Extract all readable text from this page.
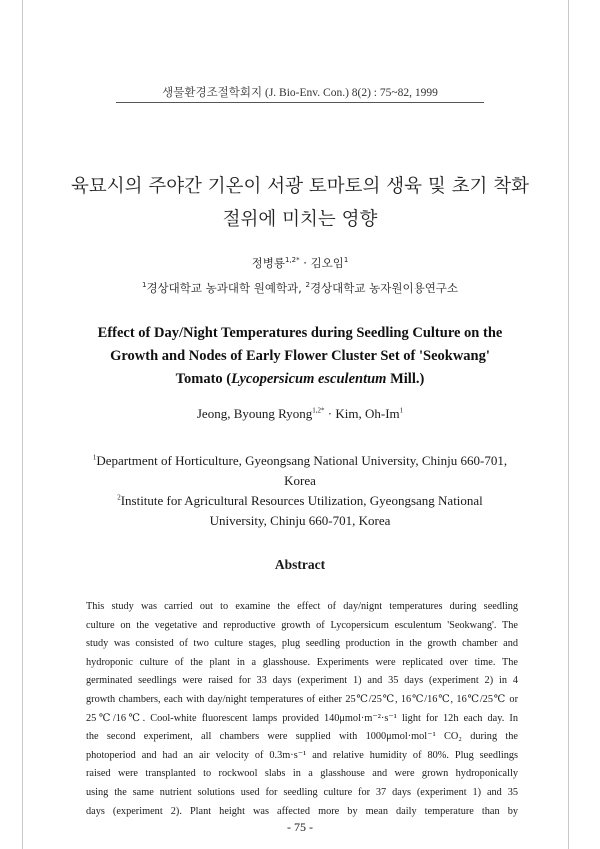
생물환경조절학회지 (J. Bio-Env. Con.) 8(2) : 75~82, 1999
육묘시의 주야간 기온이 서광 토마토의 생육 및 초기 착화
절위에 미치는 영향
정병룡$^{1,2*}$ · 김오임$^1$
$^1$경상대학교 농과대학 원예학과, $^2$경상대학교 농자원이용연구소
Effect of Day/Night Temperatures during Seedling Culture on the
Growth and Nodes of Early Flower Cluster Set of 'Seokwang'
Tomato (Lycopersicum esculentum Mill.)
Jeong, Byoung Ryong$^{1,2*}$ · Kim, Oh-Im$^1$
$^1$Department of Horticulture, Gyeongsang National University, Chinju 660-701,
Korea
$^2$Institute for Agricultural Resources Utilization, Gyeongsang National
University, Chinju 660-701, Korea
Abstract
This study was carried out to examine the effect of day/nignt temperatures during seedling
culture on the vegetative and reproductive growth of Lycopersicum esculentum 'Seokwang'. The
study was consisted of two culture stages, plug seedling production in the growth chamber and
hydroponic culture of the plant in a glasshouse. Experiments were replicated over time. The
germinated seedlings were raised for 33 days (experiment 1) and 35 days (experiment 2) in 4
growth chambers, each with day/night temperatures of either 25℃/25℃, 16℃/16℃, 16℃/25℃ or
25℃/16℃. Cool-white fluorescent lamps provided 140μmol·m⁻²·s⁻¹ light for 12h each day. In
the second experiment, all chambers were supplied with 1000μmol·mol⁻¹ CO₂ during the
photoperiod and had an air velocity of 0.3m·s⁻¹ and relative humidity of 80%. Plug seedlings
raised were transplanted to rockwool slabs in a glasshouse and were grown hydroponically
using the same nutrient solutions used for seedling culture for 37 days (experiment 1) and 35
days (experiment 2). Plant height was affected more by mean daily temperature than by
- 75 -
